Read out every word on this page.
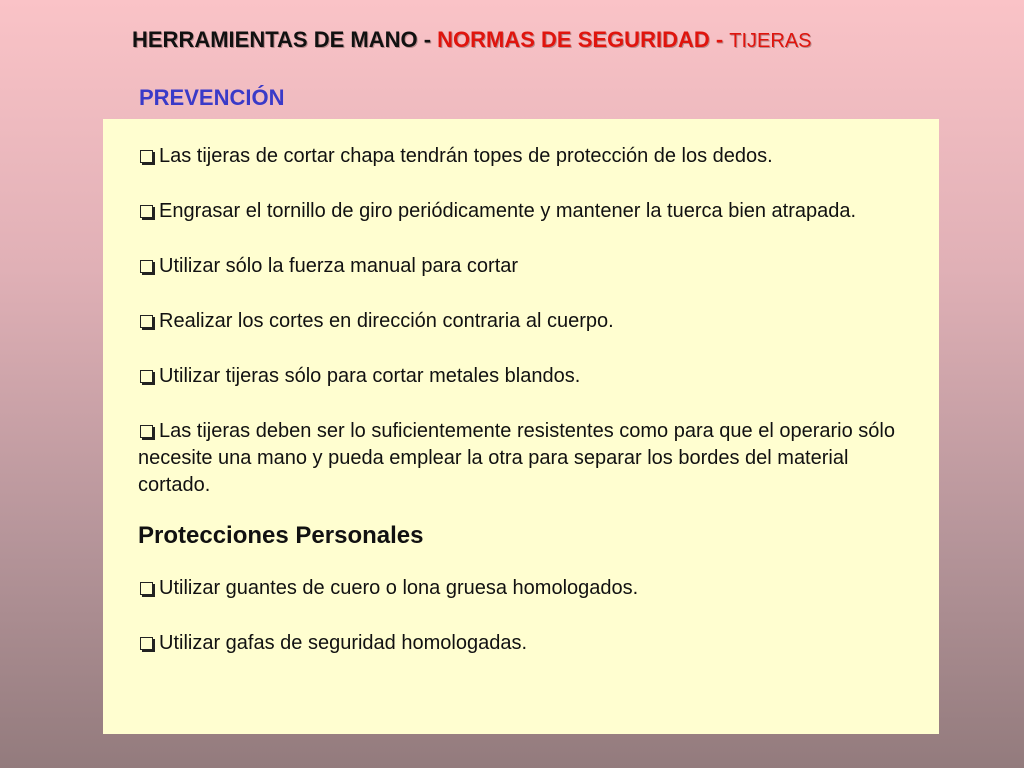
HERRAMIENTAS DE MANO - NORMAS DE SEGURIDAD - TIJERAS
PREVENCIÓN
Las tijeras de cortar chapa tendrán topes de protección de los dedos.
Engrasar el tornillo de giro periódicamente y mantener la tuerca bien atrapada.
Utilizar sólo la fuerza manual para cortar
Realizar los cortes en dirección contraria al cuerpo.
Utilizar tijeras sólo para cortar metales blandos.
Las tijeras deben ser lo suficientemente resistentes como para que el operario sólo necesite una mano y pueda emplear la otra para separar los bordes del material cortado.
Protecciones Personales
Utilizar guantes de cuero o lona gruesa homologados.
Utilizar gafas de seguridad homologadas.
